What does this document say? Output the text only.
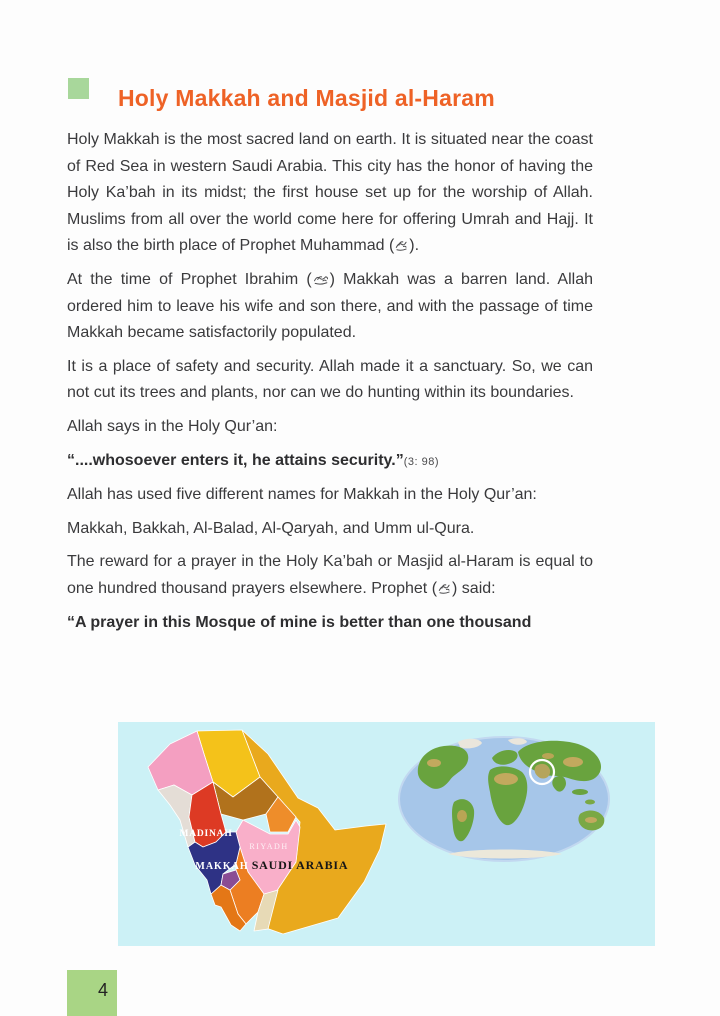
Holy Makkah and Masjid al-Haram

Holy Makkah is the most sacred land on earth. It is situated near the coast of Red Sea in western Saudi Arabia. This city has the honor of having the Holy Ka’bah in its midst; the first house set up for the worship of Allah. Muslims from all over the world come here for offering Umrah and Hajj. It is also the birth place of Prophet Muhammad ( ).

At the time of Prophet Ibrahim ( ) Makkah was a barren land. Allah ordered him to leave his wife and son there, and with the passage of time Makkah became satisfactorily populated.

It is a place of safety and security. Allah made it a sanctuary. So, we can not cut its trees and plants, nor can we do hunting within its boundaries.

Allah says in the Holy Qur’an:

“....whosoever enters it, he attains security.”(3: 98)

Allah has used five different names for Makkah in the Holy Qur’an:

Makkah, Bakkah, Al-Balad, Al-Qaryah, and Umm ul-Qura.

The reward for a prayer in the Holy Ka’bah or Masjid al-Haram is equal to one hundred thousand prayers elsewhere. Prophet ( ) said:

“A prayer in this Mosque of mine is better than one thousand

MADINAH
MAKKAH
RIYADH
SAUDI ARABIA
4
